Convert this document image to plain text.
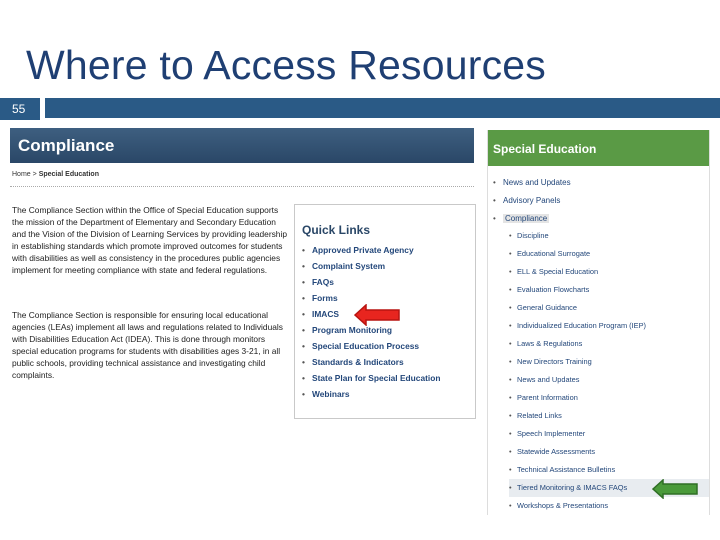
Where to Access Resources
55
Compliance
Home > Special Education

The Compliance Section within the Office of Special Education supports the mission of the Department of Elementary and Secondary Education and the Vision of the Division of Learning Services by providing leadership in establishing standards which promote improved outcomes for students with disabilities as well as consistency in the procedures public agencies implement for meeting compliance with state and federal regulations.

The Compliance Section is responsible for ensuring local educational agencies (LEAs) implement all laws and regulations related to Individuals with Disabilities Education Act (IDEA). This is done through monitors special education programs for students with disabilities ages 3-21, in all public schools, providing technical assistance and investigating child complaints.

Quick Links
• Approved Private Agency
• Complaint System
• FAQs
• Forms
• IMACS
• Program Monitoring
• Special Education Process
• Standards & Indicators
• State Plan for Special Education
• Webinars
Special Education
• News and Updates
• Advisory Panels
• Compliance
• Discipline
• Educational Surrogate
• ELL & Special Education
• Evaluation Flowcharts
• General Guidance
• Individualized Education Program (IEP)
• Laws & Regulations
• New Directors Training
• News and Updates
• Parent Information
• Related Links
• Speech Implementer
• Statewide Assessments
• Technical Assistance Bulletins
• Tiered Monitoring & IMACS FAQs
• Workshops & Presentations
